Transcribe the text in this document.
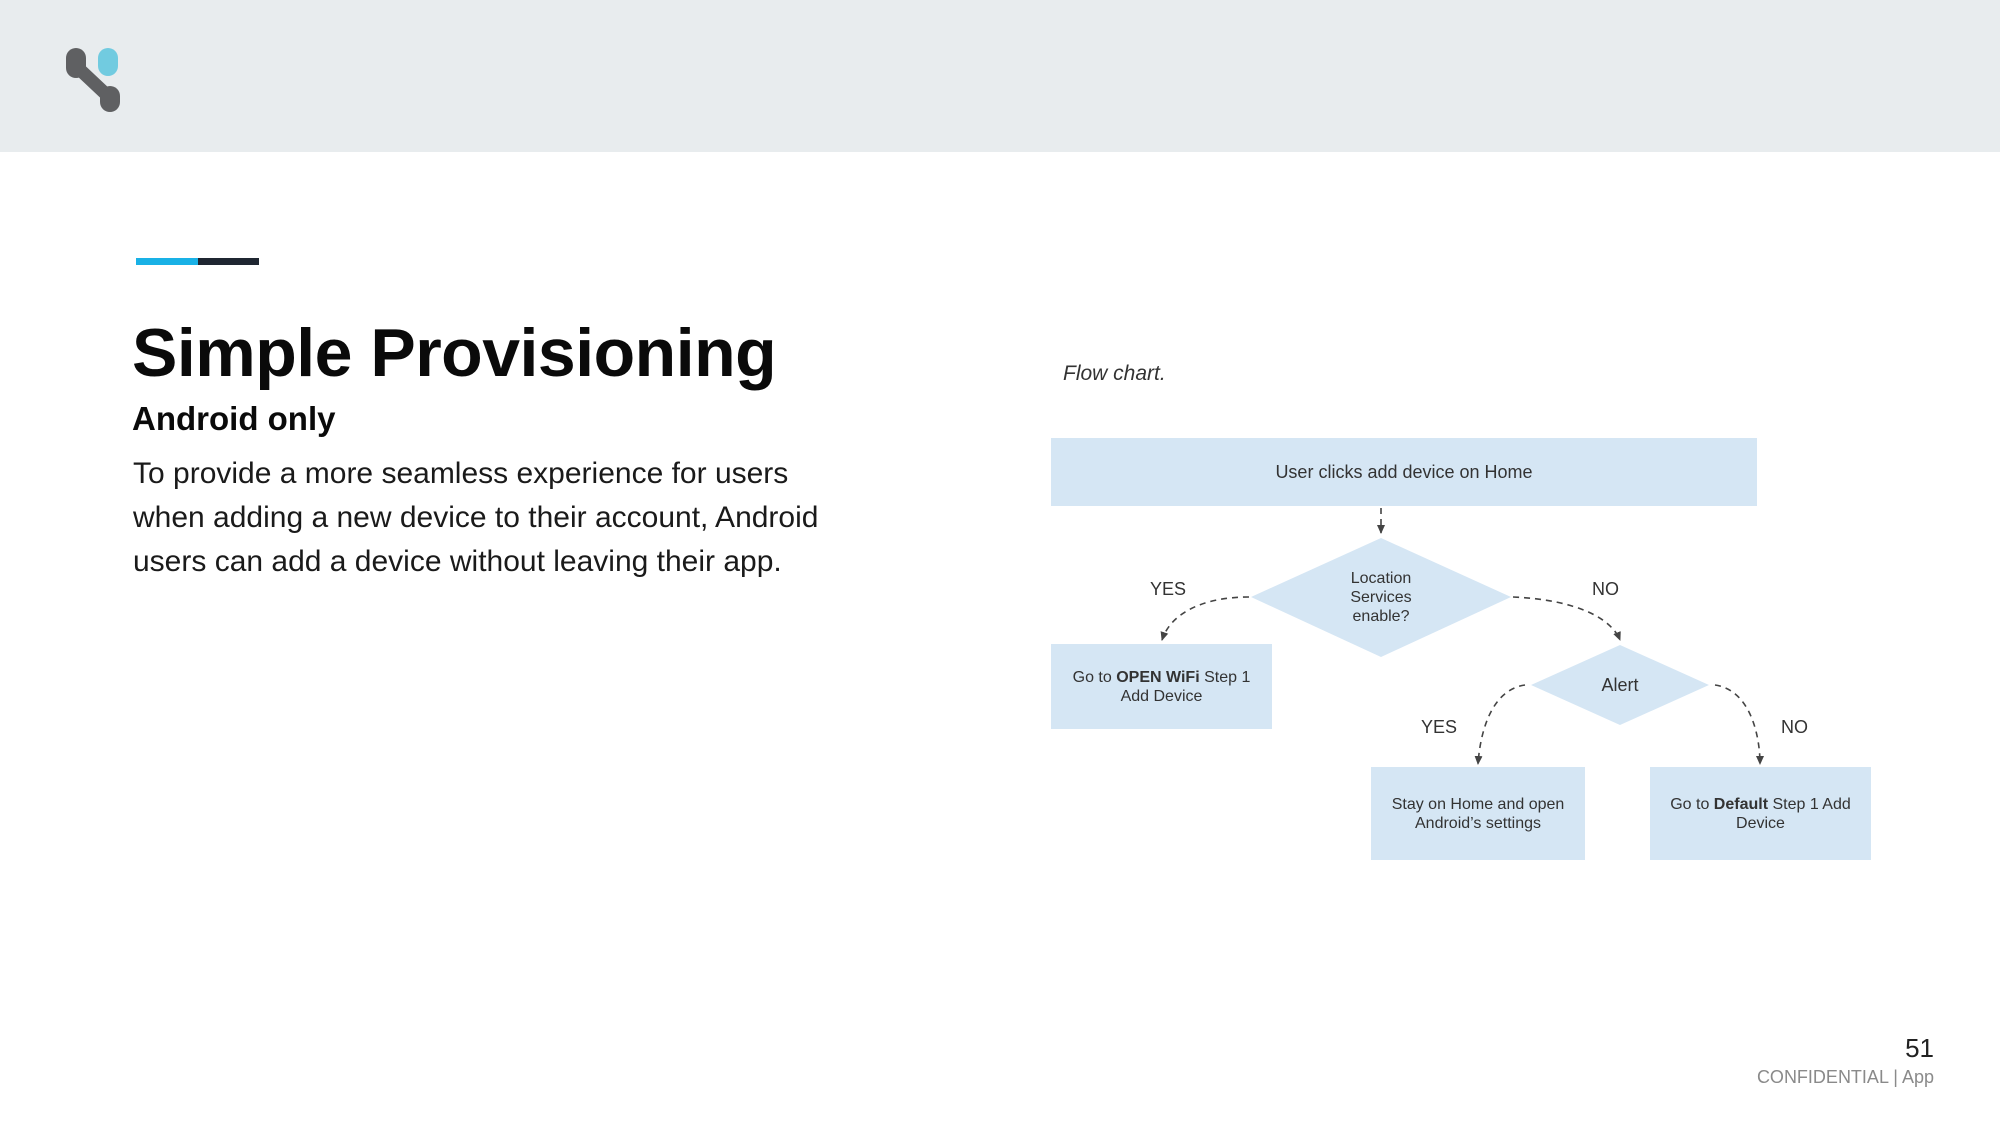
Simple Provisioning
Android only

To provide a more seamless experience for users when adding a new device to their account, Android users can add a device without leaving their app.

Flow chart.
User clicks add device on Home
Location Services enable?
Alert
Go to OPEN WiFi Step 1 Add Device
Stay on Home and open Android’s settings
Go to Default Step 1 Add Device
YES	NO
YES	NO
51
CONFIDENTIAL | App
